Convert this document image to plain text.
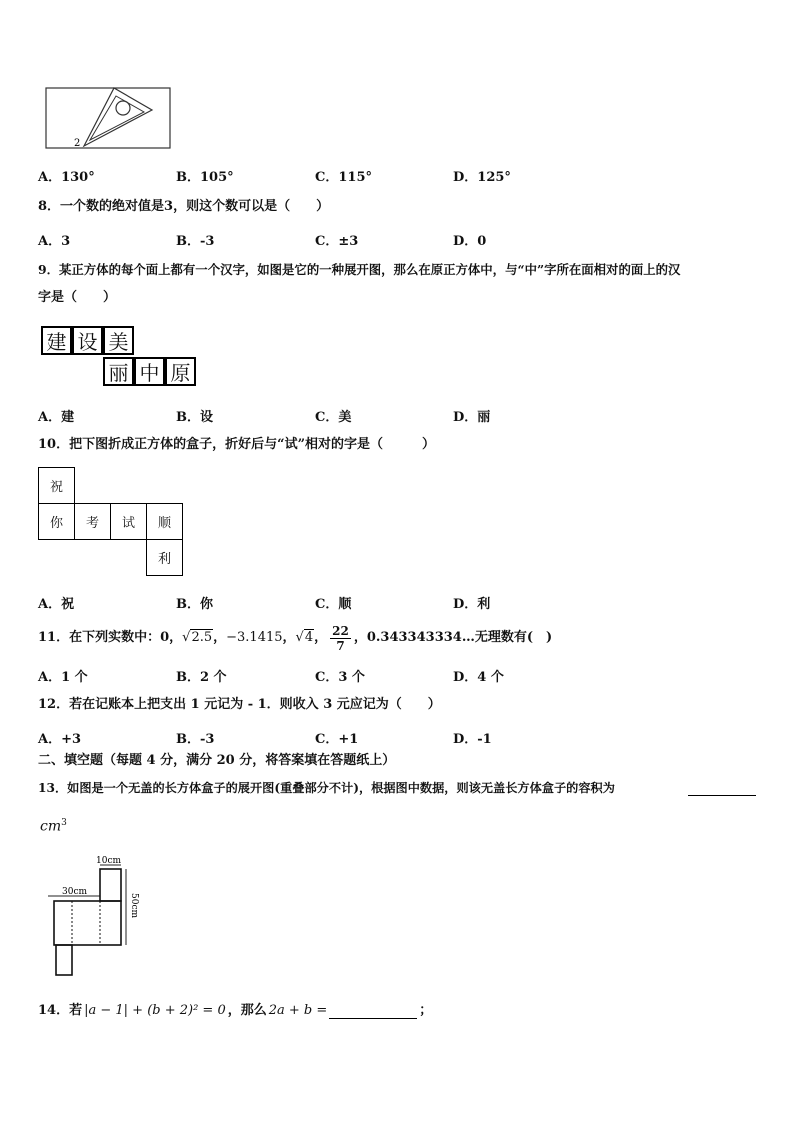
2
A．130°	B．105°	C．115°	D．125°
8．一个数的绝对值是3，则这个数可以是（　　）
A．3	B．-3	C．±3	D．0
9．某正方体的每个面上都有一个汉字，如图是它的一种展开图，那么在原正方体中，与“中”字所在面相对的面上的汉
字是（　　）
建 设 美
丽 中 原
A．建	B．设	C．美	D．丽
10．把下图折成正方体的盒子，折好后与“试”相对的字是（　　　）
祝
你	考	试	顺
利
A．祝	B．你	C．顺	D．利
11．在下列实数中：0， √2.5 ， −3.1415 ， √4 ， $\frac{22}{7}$ ，0.343343334…无理数有(　)
A．1 个	B．2 个	C．3 个	D．4 个
12．若在记账本上把支出 1 元记为 - 1．则收入 3 元应记为（　　）
A．+3	B．-3	C．+1	D．-1
二、填空题（每题 4 分，满分 20 分，将答案填在答题纸上）
13．如图是一个无盖的长方体盒子的展开图(重叠部分不计)，根据图中数据，则该无盖长方体盒子的容积为
$cm^3$
10cm
30cm
50cm
14．若 |a − 1| + (b + 2)² = 0 ，那么 2a + b =	；
